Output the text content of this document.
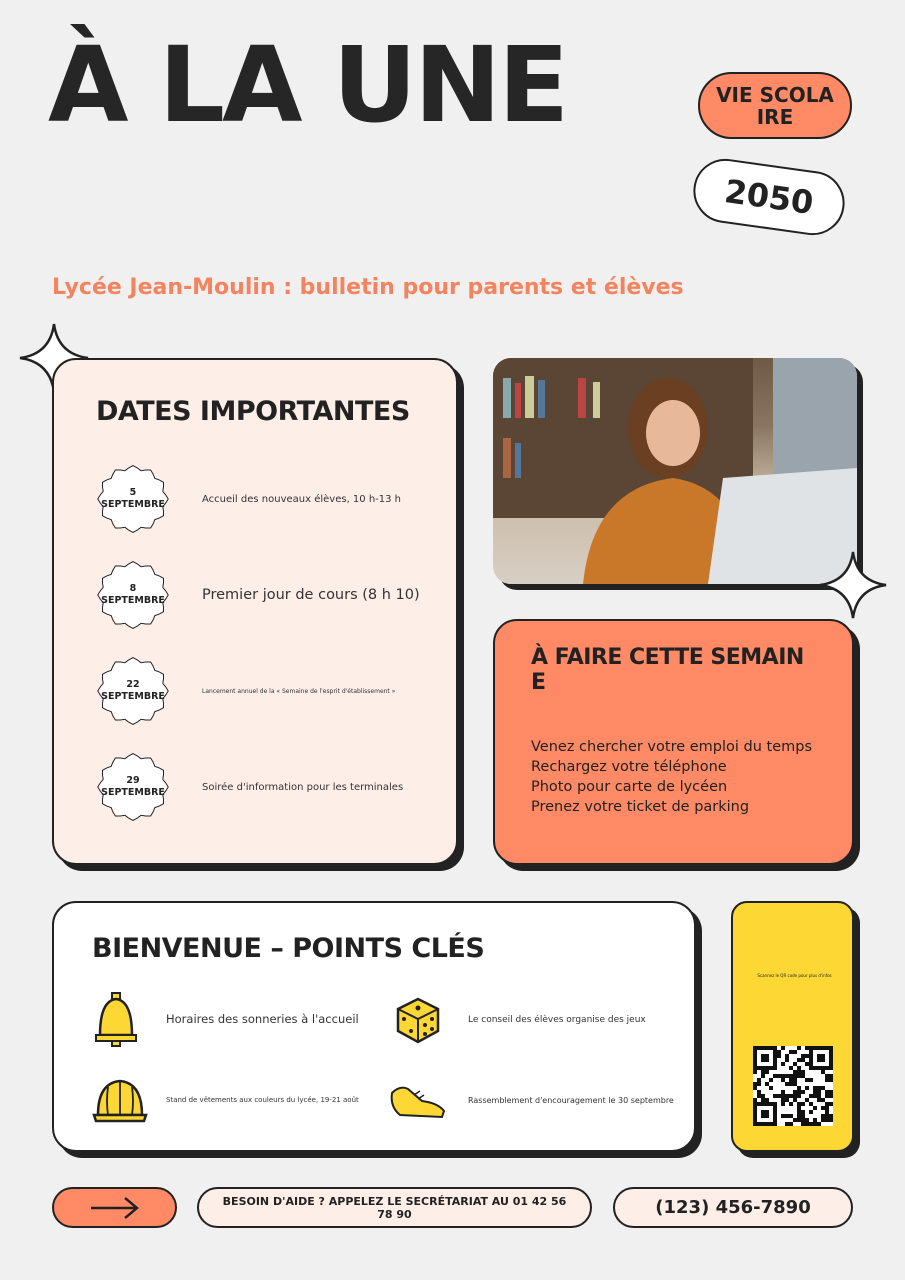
À LA UNE	VIE SCOLAIRE
2050
Lycée Jean-Moulin : bulletin pour parents et élèves
DATES IMPORTANTES
5
SEPTEMBRE	Accueil des nouveaux élèves, 10 h-13 h
8
SEPTEMBRE	Premier jour de cours (8 h 10)
22
SEPTEMBRE	Lancement annuel de la « Semaine de l'esprit d'établissement »
29
SEPTEMBRE	Soirée d'information pour les terminales
À FAIRE CETTE SEMAINE
Venez chercher votre emploi du temps
Rechargez votre téléphone
Photo pour carte de lycéen
Prenez votre ticket de parking
BIENVENUE – POINTS CLÉS
Horaires des sonneries à l'accueil	Le conseil des élèves organise des jeux
Stand de vêtements aux couleurs du lycée, 19-21 août	Rassemblement d'encouragement le 30 septembre
Scannez le QR code pour plus d'infos
BESOIN D'AIDE ? APPELEZ LE SECRÉTARIAT AU 01 42 56 78 90	(123) 456-7890
